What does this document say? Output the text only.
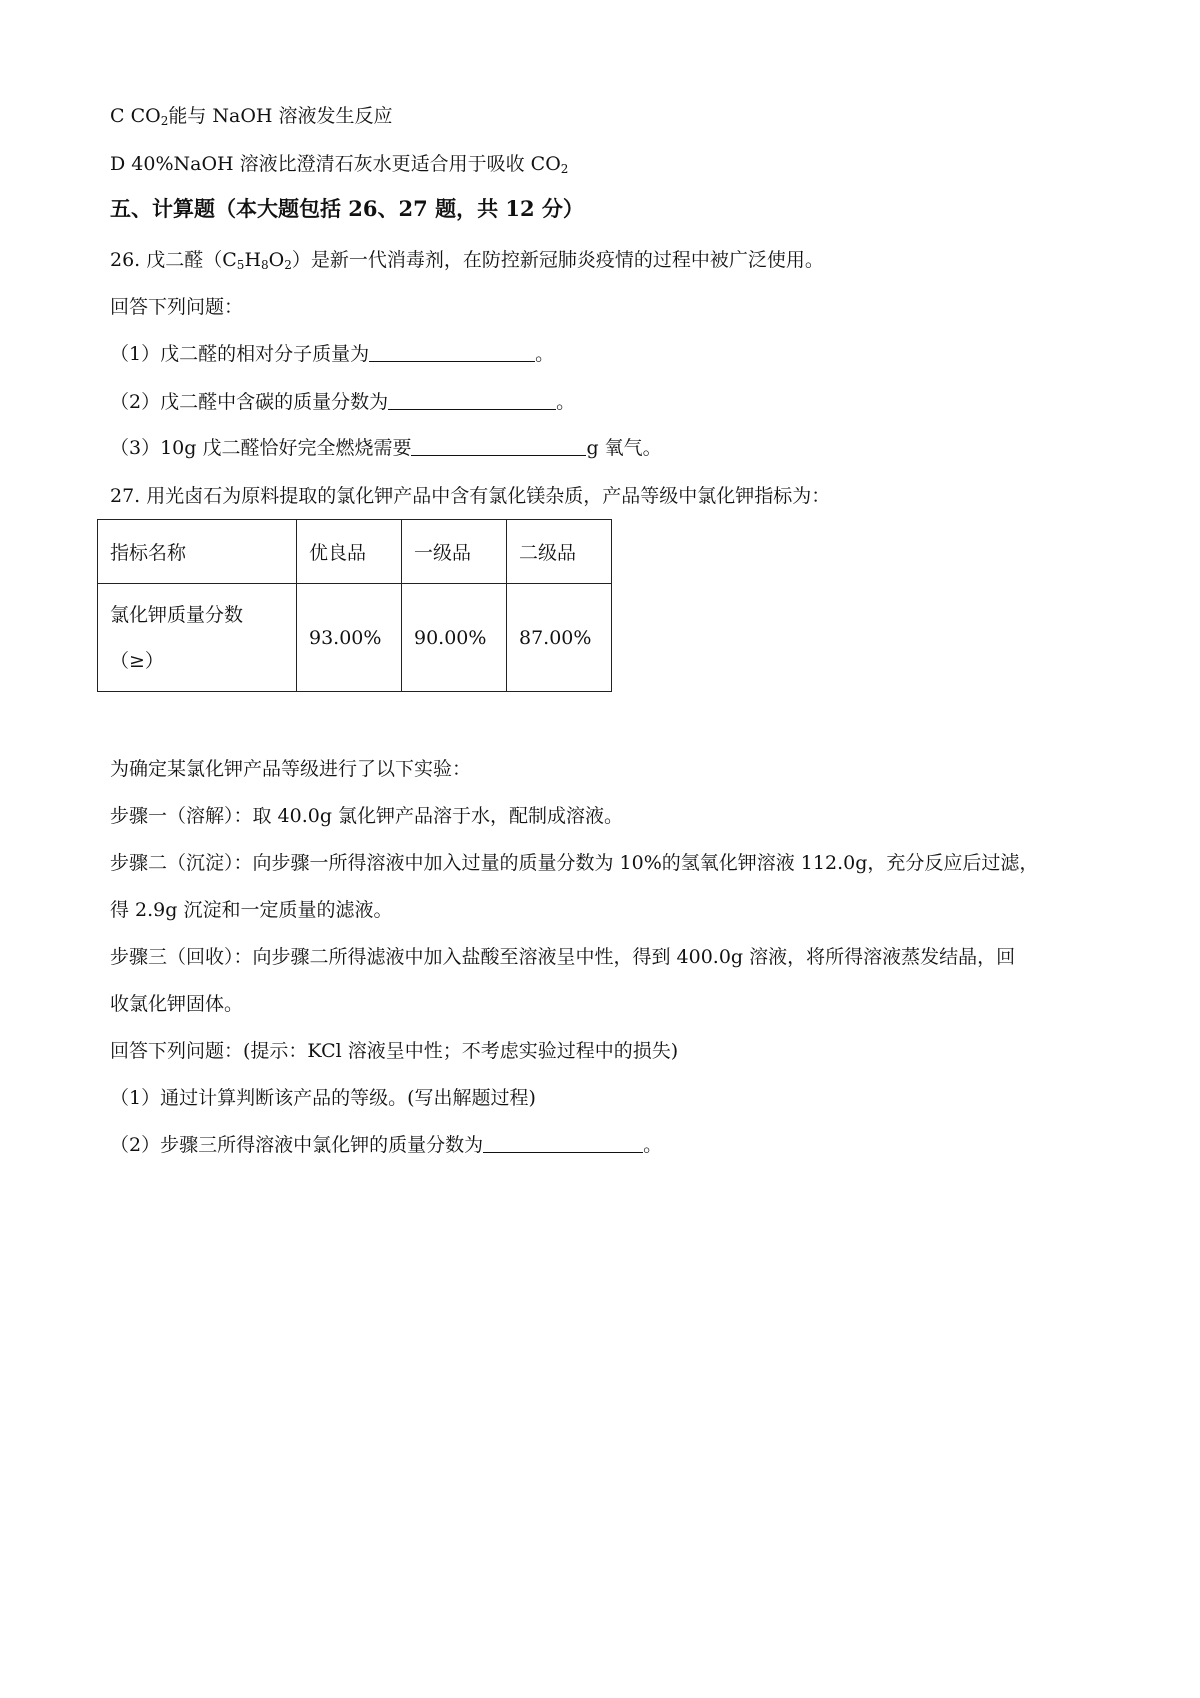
C $CO_2$能与 NaOH 溶液发生反应
D 40%NaOH 溶液比澄清石灰水更适合用于吸收 $CO_2$
五、计算题（本大题包括 26、27 题，共 12 分）
26. 戊二醛$(C_5H_8O_2)$是新一代消毒剂，在防控新冠肺炎疫情的过程中被广泛使用。
回答下列问题：
（1）戊二醛的相对分子质量为	。
（2）戊二醛中含碳的质量分数为	。
（3）10g 戊二醛恰好完全燃烧需要	g 氧气。
27. 用光卤石为原料提取的氯化钾产品中含有氯化镁杂质，产品等级中氯化钾指标为：
指标名称	优良品	一级品	二级品

氯化钾质量分数
（≥）	93.00%	90.00%	87.00%
为确定某氯化钾产品等级进行了以下实验：
步骤一（溶解）：取 40.0g 氯化钾产品溶于水，配制成溶液。
步骤二（沉淀）：向步骤一所得溶液中加入过量的质量分数为 10%的氢氧化钾溶液 112.0g，充分反应后过滤，
得 2.9g 沉淀和一定质量的滤液。
步骤三（回收）：向步骤二所得滤液中加入盐酸至溶液呈中性，得到 400.0g 溶液，将所得溶液蒸发结晶，回
收氯化钾固体。
回答下列问题：(提示：KCl 溶液呈中性；不考虑实验过程中的损失)
（1）通过计算判断该产品的等级。(写出解题过程)
（2）步骤三所得溶液中氯化钾的质量分数为	。
